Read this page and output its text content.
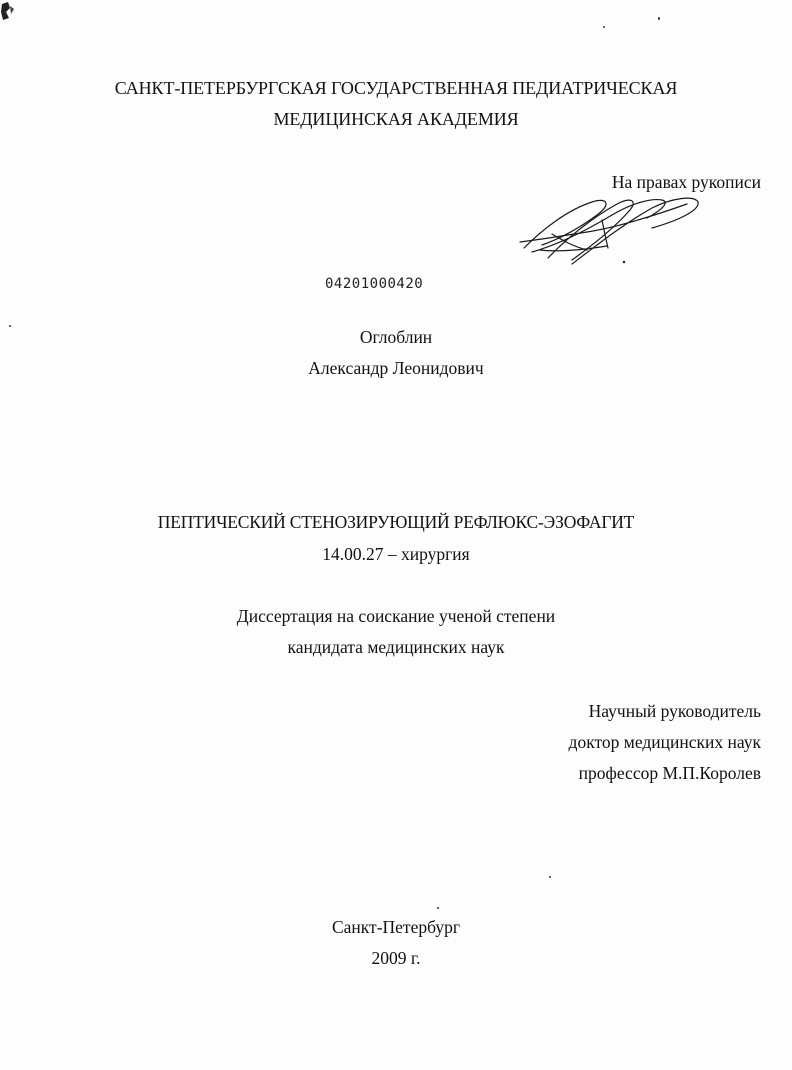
САНКТ-ПЕТЕРБУРГСКАЯ ГОСУДАРСТВЕННАЯ ПЕДИАТРИЧЕСКАЯ
МЕДИЦИНСКАЯ АКАДЕМИЯ
На правах рукописи
04201000420
Оглоблин
Александр Леонидович
ПЕПТИЧЕСКИЙ СТЕНОЗИРУЮЩИЙ РЕФЛЮКС-ЭЗОФАГИТ
14.00.27 – хирургия
Диссертация на соискание ученой степени
кандидата медицинских наук
Научный руководитель
доктор медицинских наук
профессор М.П.Королев
Санкт-Петербург
2009 г.
